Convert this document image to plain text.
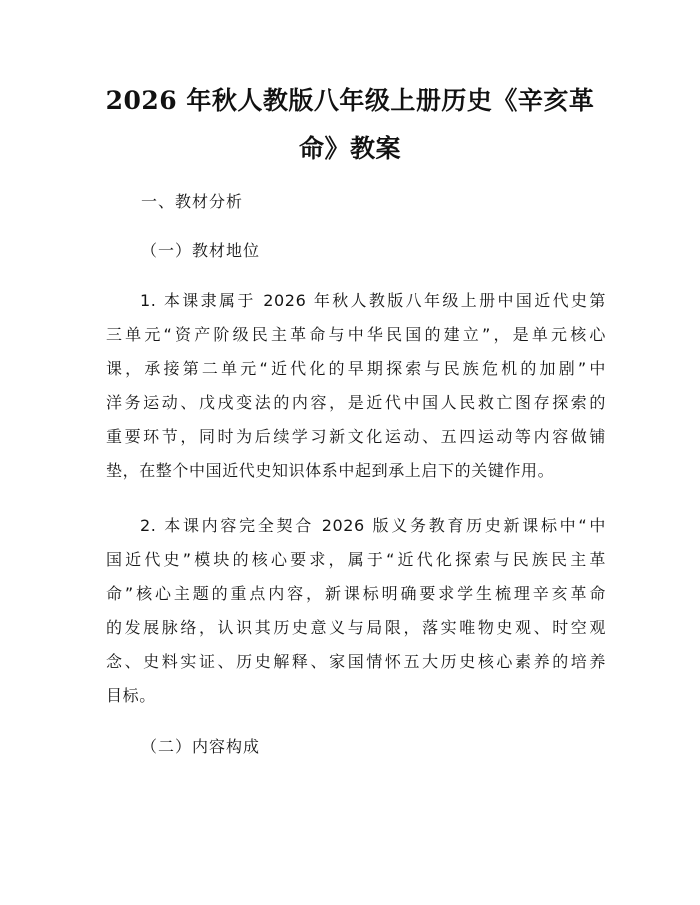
2026 年秋人教版八年级上册历史《辛亥革
命》教案

一、教材分析

（一）教材地位

1. 本课隶属于 2026 年秋人教版八年级上册中国近代史第
三单元“资产阶级民主革命与中华民国的建立”，是单元核心
课，承接第二单元“近代化的早期探索与民族危机的加剧”中
洋务运动、戊戌变法的内容，是近代中国人民救亡图存探索的
重要环节，同时为后续学习新文化运动、五四运动等内容做铺
垫，在整个中国近代史知识体系中起到承上启下的关键作用。
2. 本课内容完全契合 2026 版义务教育历史新课标中“中
国近代史”模块的核心要求，属于“近代化探索与民族民主革
命”核心主题的重点内容，新课标明确要求学生梳理辛亥革命
的发展脉络，认识其历史意义与局限，落实唯物史观、时空观
念、史料实证、历史解释、家国情怀五大历史核心素养的培养
目标。

（二）内容构成
